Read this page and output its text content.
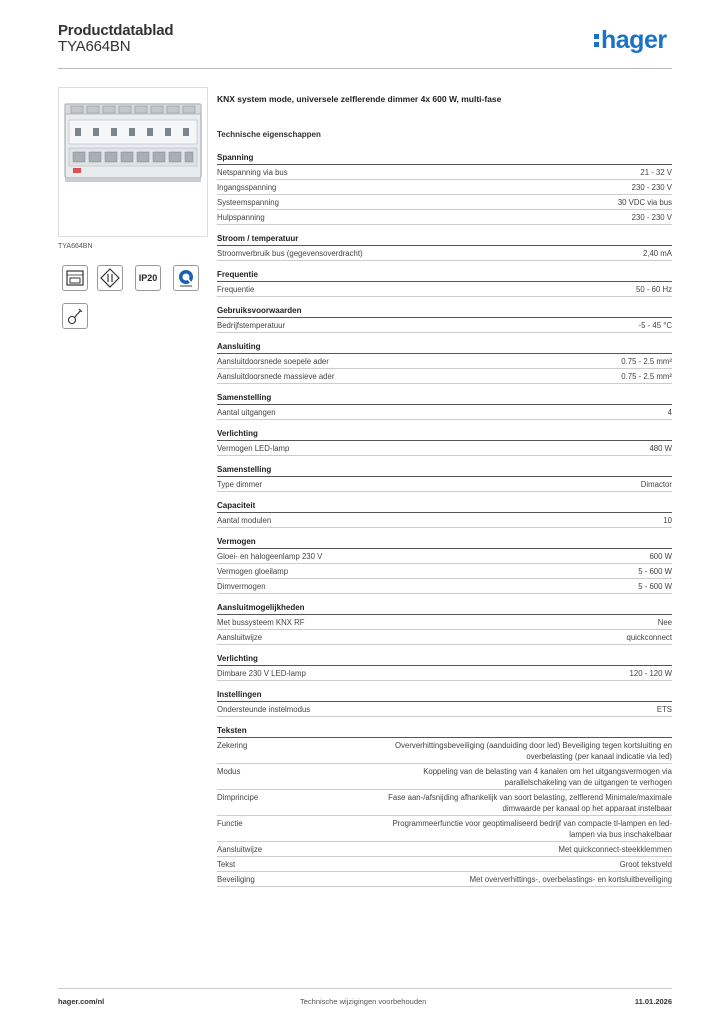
Productdatablad
TYA664BN	hager
TYA664BN
IP20
KNX system mode, universele zelflerende dimmer 4x 600 W, multi-fase
Technische eigenschappen
Spanning
Netspanning via bus	21 - 32 V
Ingangsspanning	230 - 230 V
Systeemspanning	30 VDC via bus
Hulpspanning	230 - 230 V
Stroom / temperatuur
Stroomverbruik bus (gegevensoverdracht)	2,40 mA
Frequentie
Frequentie	50 - 60 Hz
Gebruiksvoorwaarden
Bedrijfstemperatuur	-5 - 45 °C
Aansluiting
Aansluitdoorsnede soepele ader	0.75 - 2.5 mm²
Aansluitdoorsnede massieve ader	0.75 - 2.5 mm²
Samenstelling
Aantal uitgangen	4
Verlichting
Vermogen LED-lamp	480 W
Samenstelling
Type dimmer	Dimactor
Capaciteit
Aantal modulen	10
Vermogen
Gloei- en halogeenlamp 230 V	600 W
Vermogen gloeilamp	5 - 600 W
Dimvermogen	5 - 600 W
Aansluitmogelijkheden
Met bussysteem KNX RF	Nee
Aansluitwijze	quickconnect
Verlichting
Dimbare 230 V LED-lamp	120 - 120 W
Instellingen
Ondersteunde instelmodus	ETS
Teksten
Zekering	Oververhittingsbeveiliging (aanduiding door led) Beveiliging tegen kortsluiting en overbelasting (per kanaal indicatie via led)
Modus	Koppeling van de belasting van 4 kanalen om het uitgangsvermogen via parallelschakeling van de uitgangen te verhogen
Dimprincipe	Fase aan-/afsnijding afhankelijk van soort belasting, zelflerend Minimale/maximale dimwaarde per kanaal op het apparaat instelbaar
Functie	Programmeerfunctie voor geoptimaliseerd bedrijf van compacte tl-lampen en led-lampen via bus inschakelbaar
Aansluitwijze	Met quickconnect-steekklemmen
Tekst	Groot tekstveld
Beveiliging	Met oververhittings-, overbelastings- en kortsluitbeveiliging
hager.com/nl	Technische wijzigingen voorbehouden	11.01.2026
